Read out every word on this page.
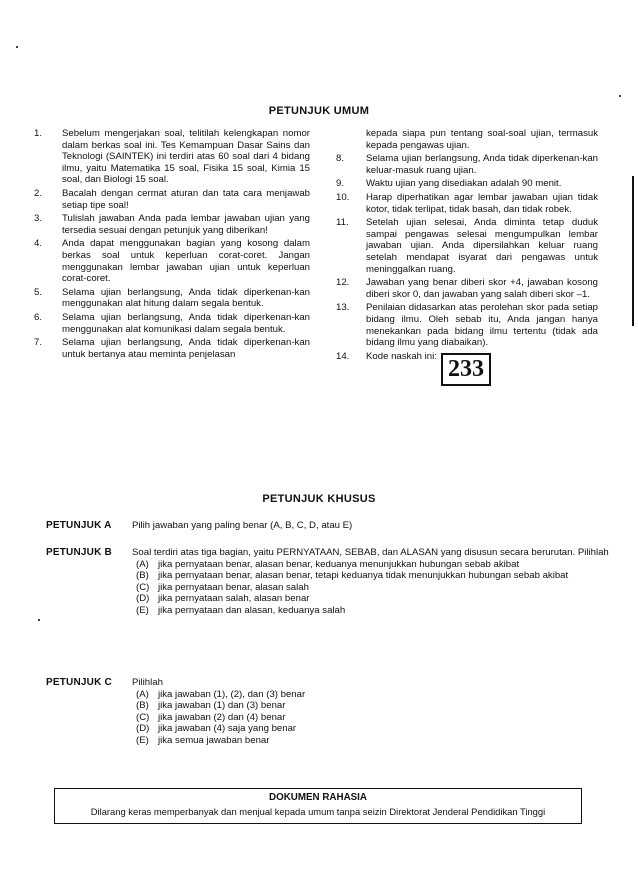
PETUNJUK UMUM
1.	Sebelum mengerjakan soal, telitilah kelengkapan nomor dalam berkas soal ini. Tes Kemampuan Dasar Sains dan Teknologi (SAINTEK) ini terdiri atas 60 soal dari 4 bidang ilmu, yaitu Matematika 15 soal, Fisika 15 soal, Kimia 15 soal, dan Biologi 15 soal.
2.	Bacalah dengan cermat aturan dan tata cara menjawab setiap tipe soal!
3.	Tulislah jawaban Anda pada lembar jawaban ujian yang tersedia sesuai dengan petunjuk yang diberikan!
4.	Anda dapat menggunakan bagian yang kosong dalam berkas soal untuk keperluan corat-coret. Jangan menggunakan lembar jawaban ujian untuk keperluan corat-coret.
5.	Selama ujian berlangsung, Anda tidak diperkenan-kan menggunakan alat hitung dalam segala bentuk.
6.	Selama ujian berlangsung, Anda tidak diperkenan-kan menggunakan alat komunikasi dalam segala bentuk.
7.	Selama ujian berlangsung, Anda tidak diperkenan-kan untuk bertanya atau meminta penjelasan
kepada siapa pun tentang soal-soal ujian, termasuk kepada pengawas ujian.
8.	Selama ujian berlangsung, Anda tidak diperkenan-kan keluar-masuk ruang ujian.
9.	Waktu ujian yang disediakan adalah 90 menit.
10.	Harap diperhatikan agar lembar jawaban ujian tidak kotor, tidak terlipat, tidak basah, dan tidak robek.
11.	Setelah ujian selesai, Anda diminta tetap duduk sampai pengawas selesai mengumpulkan lembar jawaban ujian. Anda dipersilahkan keluar ruang setelah mendapat isyarat dari pengawas untuk meninggalkan ruang.
12.	Jawaban yang benar diberi skor +4, jawaban kosong diberi skor 0, dan jawaban yang salah diberi skor –1.
13.	Penilaian didasarkan atas perolehan skor pada setiap bidang ilmu. Oleh sebab itu, Anda jangan hanya menekankan pada bidang ilmu tertentu (tidak ada bidang ilmu yang diabaikan).
14.	Kode naskah ini: 233
PETUNJUK KHUSUS
PETUNJUK A Pilih jawaban yang paling benar (A, B, C, D, atau E)
PETUNJUK B Soal terdiri atas tiga bagian, yaitu PERNYATAAN, SEBAB, dan ALASAN yang disusun secara berurutan. Pilihlah
(A) jika pernyataan benar, alasan benar, keduanya menunjukkan hubungan sebab akibat
(B) jika pernyataan benar, alasan benar, tetapi keduanya tidak menunjukkan hubungan sebab akibat
(C) jika pernyataan benar, alasan salah
(D) jika pernyataan salah, alasan benar
(E) jika pernyataan dan alasan, keduanya salah
PETUNJUK C Pilihlah
(A) jika jawaban (1), (2), dan (3) benar
(B) jika jawaban (1) dan (3) benar
(C) jika jawaban (2) dan (4) benar
(D) jika jawaban (4) saja yang benar
(E) jika semua jawaban benar
DOKUMEN RAHASIA
Dilarang keras memperbanyak dan menjual kepada umum tanpa seizin Direktorat Jenderal Pendidikan Tinggi
